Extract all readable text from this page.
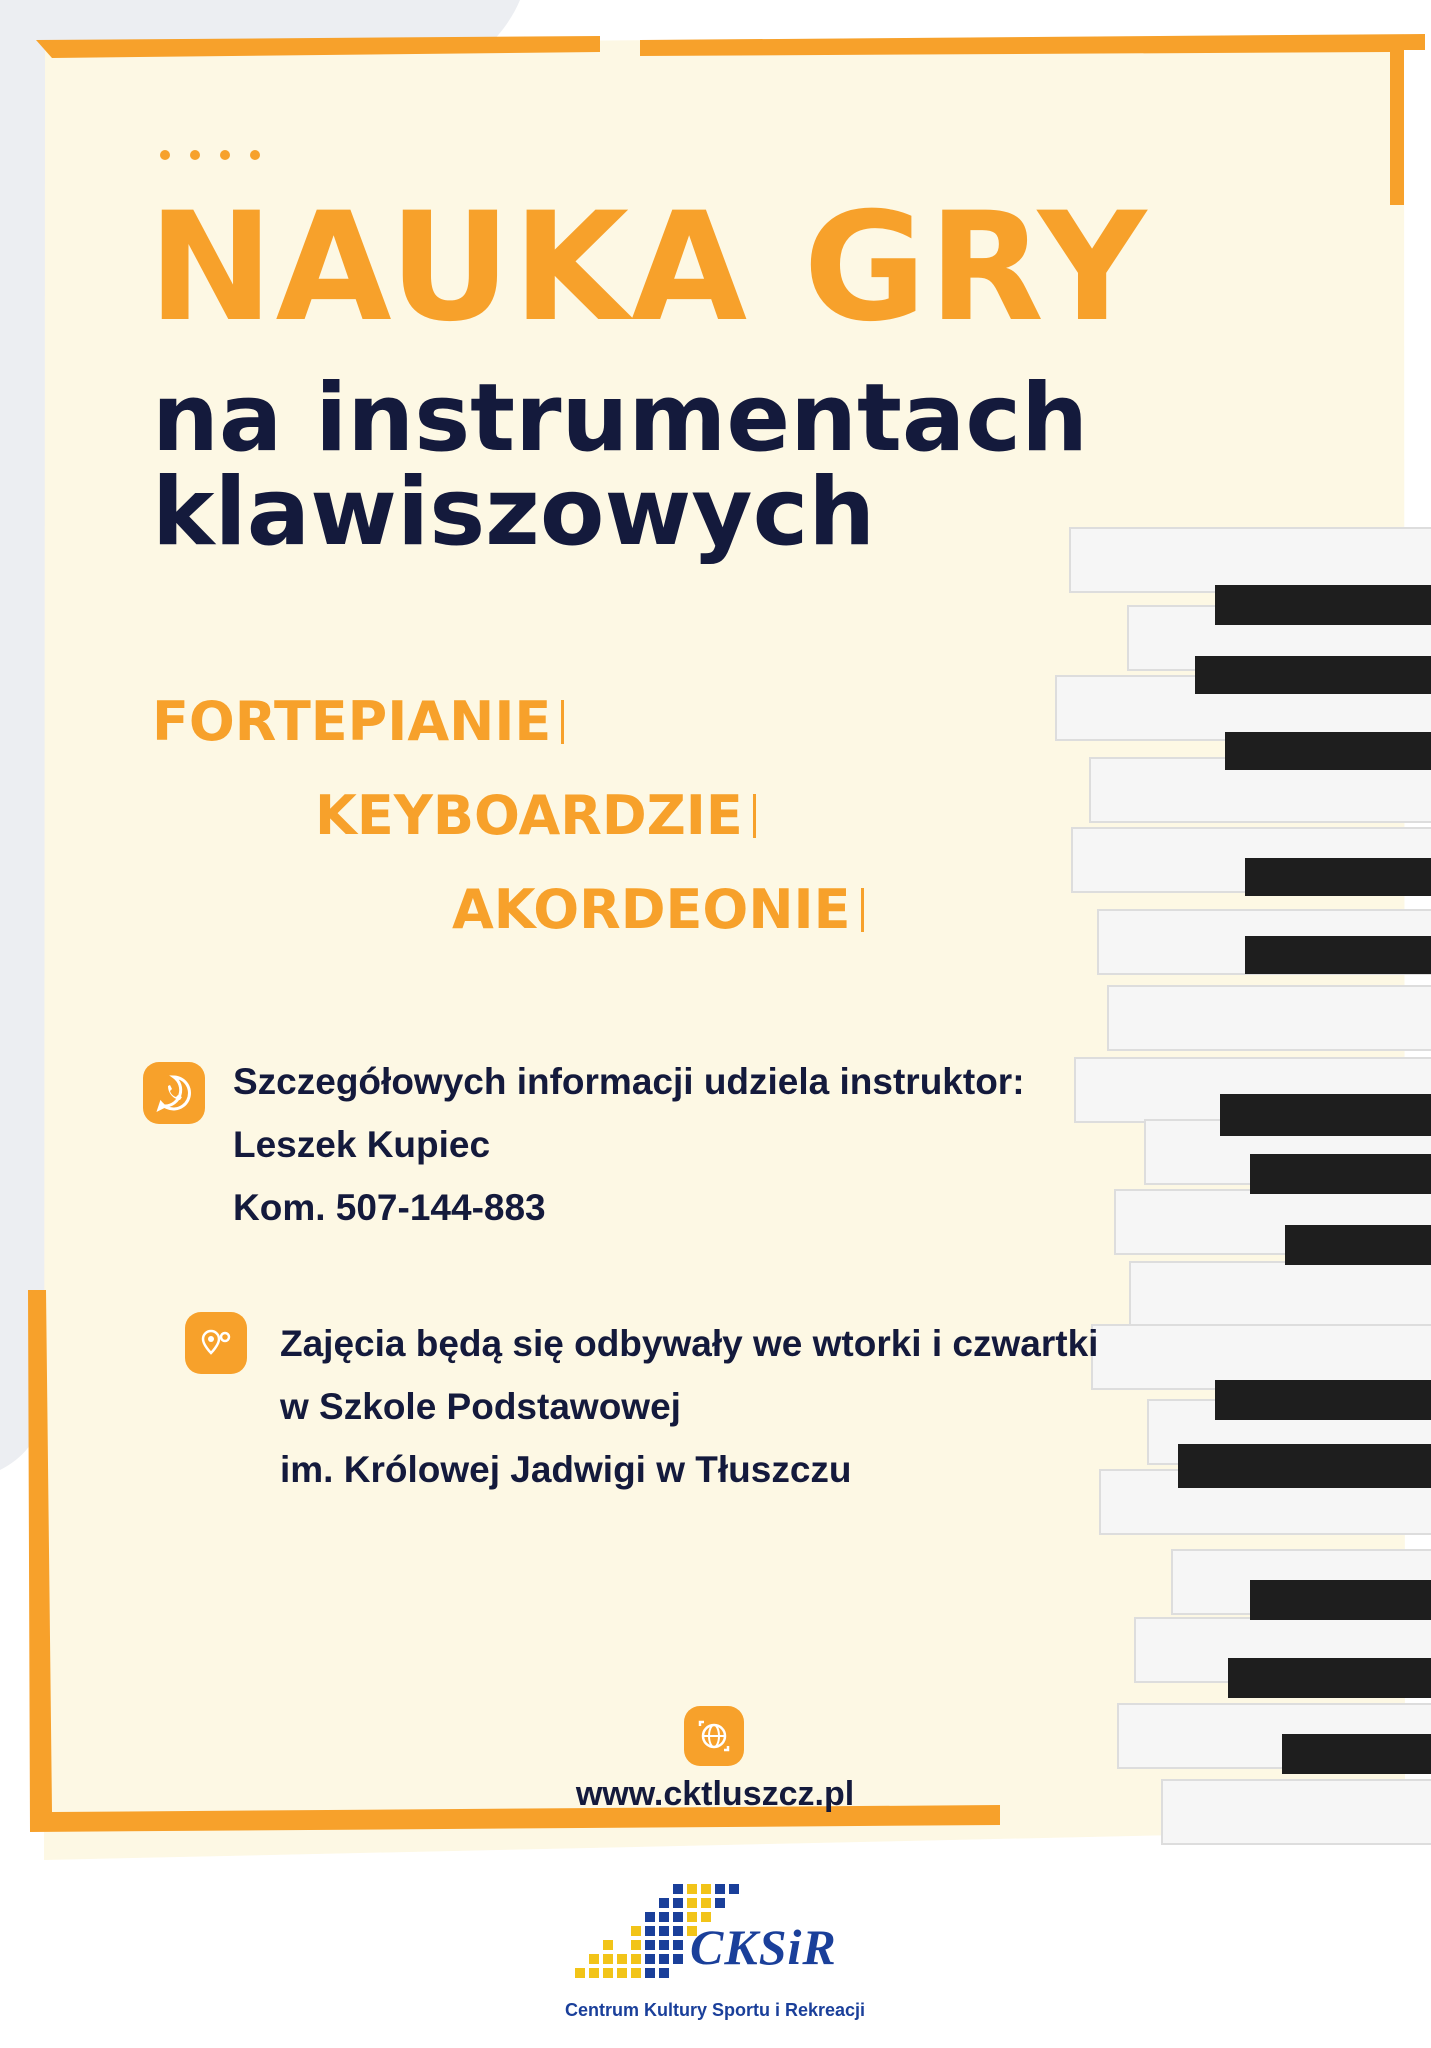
NAUKA GRY
na instrumentach
klawiszowych

FORTEPIANIE

KEYBOARDZIE

AKORDEONIE

Szczegółowych informacji udziela instruktor:

Leszek Kupiec

Kom. 507-144-883

Zajęcia będą się odbywały we wtorki i czwartki

w Szkole Podstawowej

im. Królowej Jadwigi w Tłuszczu

www.cktluszcz.pl
CKSiR
Centrum Kultury Sportu i Rekreacji
